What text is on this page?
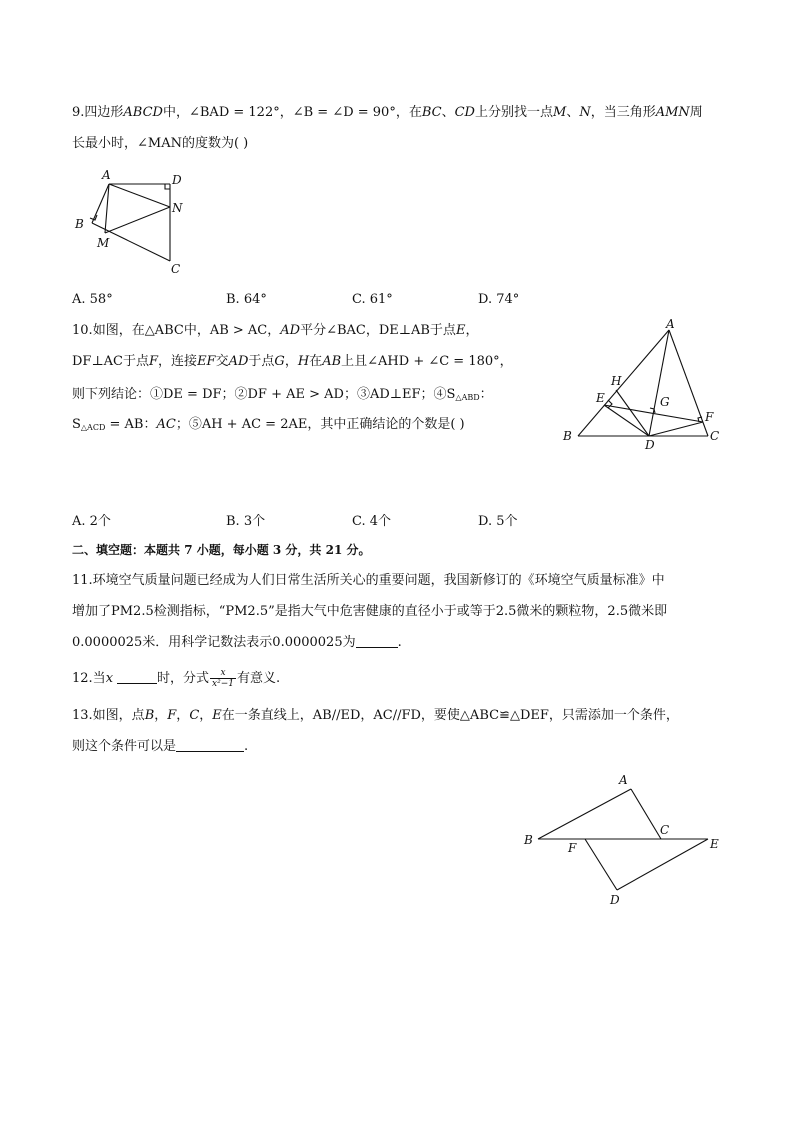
9.四边形ABCD中，∠BAD = 122°，∠B = ∠D = 90°，在BC、CD上分别找一点M、N，当三角形AMN周
长最小时，∠MAN的度数为( )
A	D
N
B
M
C
A. 58°	B. 64°	C. 61°	D. 74°
10.如图，在△ABC中，AB > AC，AD平分∠BAC，DE⊥AB于点E，
DF⊥AC于点F，连接EF交AD于点G，H在AB上且∠AHD + ∠C = 180°，
则下列结论：①DE = DF；②DF + AE > AD；③AD⊥EF；$④S_{\triangle ABD}$：
$S_{\triangle ACD}$ = AB：AC；⑤AH + AC = 2AE，其中正确结论的个数是( )
A
H
E	G
F
B
D
C
A. 2个	B. 3个	C. 4个	D. 5个
二、填空题：本题共 7 小题，每小题 3 分，共 21 分。
11.环境空气质量问题已经成为人们日常生活所关心的重要问题，我国新修订的《环境空气质量标准》中
增加了PM2.5检测指标，“PM2.5”是指大气中危害健康的直径小于或等于2.5微米的颗粒物，2.5微米即
0.0000025米．用科学记数法表示0.0000025为	.
12.当x	时，分式 $\frac{x}{\text{x²−1}}$ 有意义.
13.如图，点B，F，C，E在一条直线上，AB//ED，AC//FD，要使△ABC≌△DEF，只需添加一个条件，
则这个条件可以是	.
A
B
C
F	E
D
